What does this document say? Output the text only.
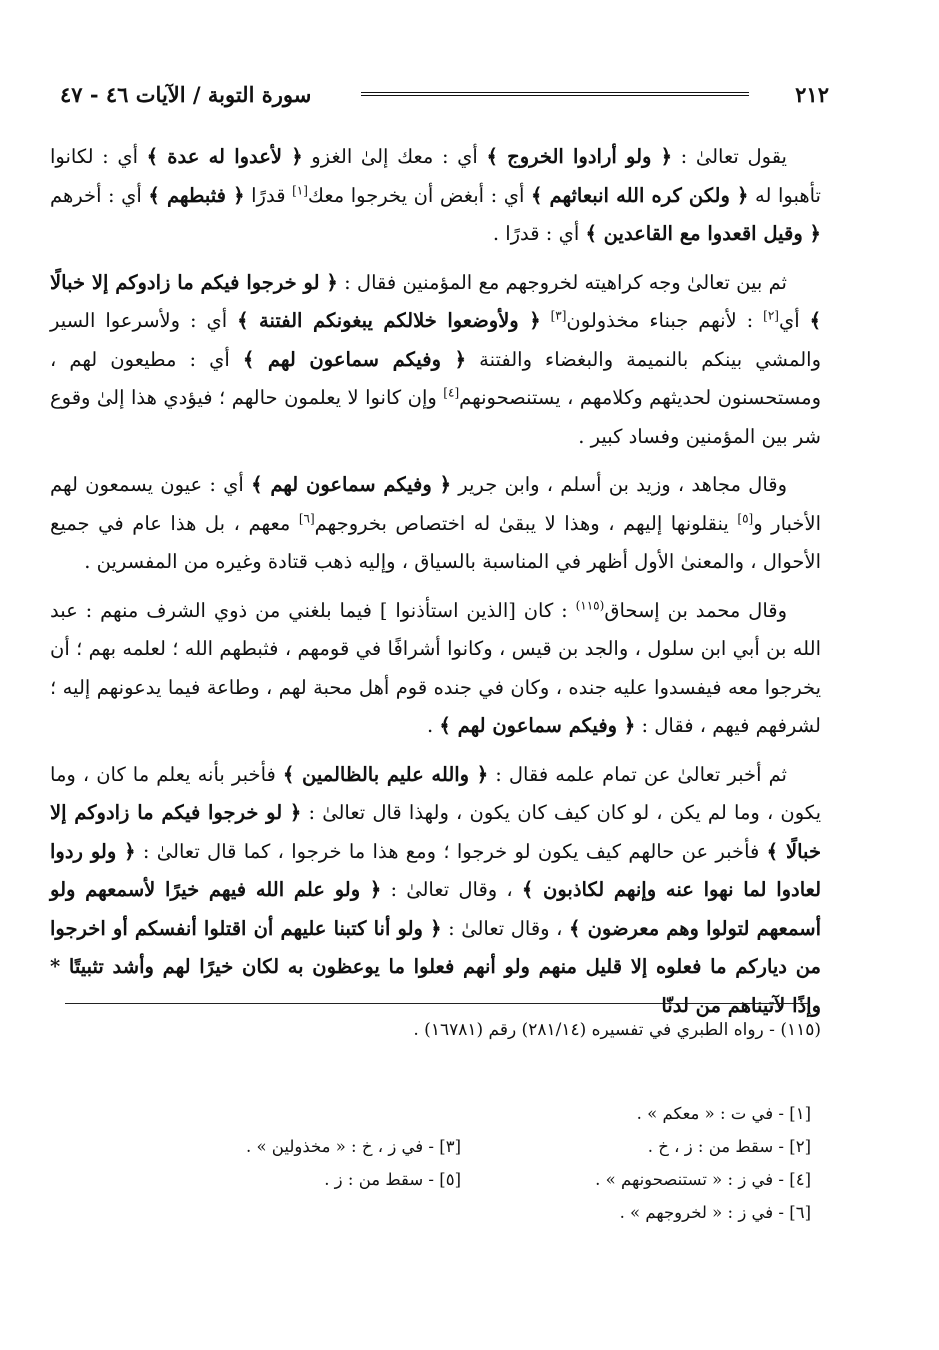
٢١٢
سورة التوبة / الآيات ٤٦ - ٤٧

يقول تعالىٰ : ﴿ ولو أرادوا الخروج ﴾ أي : معك إلىٰ الغزو ﴿ لأعدوا له عدة ﴾ أي : لكانوا تأهبوا له ﴿ ولكن كره الله انبعاثهم ﴾ أي : أبغض أن يخرجوا معك[١] قدرًا ﴿ فثبطهم ﴾ أي : أخرهم ﴿ وقيل اقعدوا مع القاعدين ﴾ أي : قدرًا .

ثم بين تعالىٰ وجه كراهيته لخروجهم مع المؤمنين فقال : ﴿ لو خرجوا فيكم ما زادوكم إلا خبالًا ﴾ أي[٢] : لأنهم جبناء مخذولون[٣] ﴿ ولأوضعوا خلالكم يبغونكم الفتنة ﴾ أي : ولأسرعوا السير والمشي بينكم بالنميمة والبغضاء والفتنة ﴿ وفيكم سماعون لهم ﴾ أي : مطيعون لهم ، ومستحسنون لحديثهم وكلامهم ، يستنصحونهم[٤] وإن كانوا لا يعلمون حالهم ؛ فيؤدي هذا إلىٰ وقوع شر بين المؤمنين وفساد كبير .

وقال مجاهد ، وزيد بن أسلم ، وابن جرير ﴿ وفيكم سماعون لهم ﴾ أي : عيون يسمعون لهم الأخبار و[٥] ينقلونها إليهم ، وهذا لا يبقىٰ له اختصاص بخروجهم[٦] معهم ، بل هذا عام في جميع الأحوال ، والمعنىٰ الأول أظهر في المناسبة بالسياق ، وإليه ذهب قتادة وغيره من المفسرين .

وقال محمد بن إسحاق$^{(١١٥)}$ : كان [الذين استأذنوا ] فيما بلغني من ذوي الشرف منهم : عبد الله بن أبي ابن سلول ، والجد بن قيس ، وكانوا أشرافًا في قومهم ، فثبطهم الله ؛ لعلمه بهم ؛ أن يخرجوا معه فيفسدوا عليه جنده ، وكان في جنده قوم أهل محبة لهم ، وطاعة فيما يدعونهم إليه ؛ لشرفهم فيهم ، فقال : ﴿ وفيكم سماعون لهم ﴾ .

ثم أخبر تعالىٰ عن تمام علمه فقال : ﴿ والله عليم بالظالمين ﴾ فأخبر بأنه يعلم ما كان ، وما يكون ، وما لم يكن ، لو كان كيف كان يكون ، ولهذا قال تعالىٰ : ﴿ لو خرجوا فيكم ما زادوكم إلا خبالًا ﴾ فأخبر عن حالهم كيف يكون لو خرجوا ؛ ومع هذا ما خرجوا ، كما قال تعالىٰ : ﴿ ولو ردوا لعادوا لما نهوا عنه وإنهم لكاذبون ﴾ ، وقال تعالىٰ : ﴿ ولو علم الله فيهم خيرًا لأسمعهم ولو أسمعهم لتولوا وهم معرضون ﴾ ، وقال تعالىٰ : ﴿ ولو أنا كتبنا عليهم أن اقتلوا أنفسكم أو اخرجوا من دياركم ما فعلوه إلا قليل منهم ولو أنهم فعلوا ما يوعظون به لكان خيرًا لهم وأشد تثبيتًا * وإذًا لآتيناهم من لدنّا

(١١٥) - رواه الطبري في تفسيره (٢٨١/١٤) رقم (١٦٧٨١) .
[١] - في ت : « معكم » .
[٢] - سقط من : ز ، خ .
[٣] - في ز ، خ : « مخذولين » .
[٤] - في ز : « تستنصحونهم » .
[٥] - سقط من : ز .
[٦] - في ز : « لخروجهم » .
